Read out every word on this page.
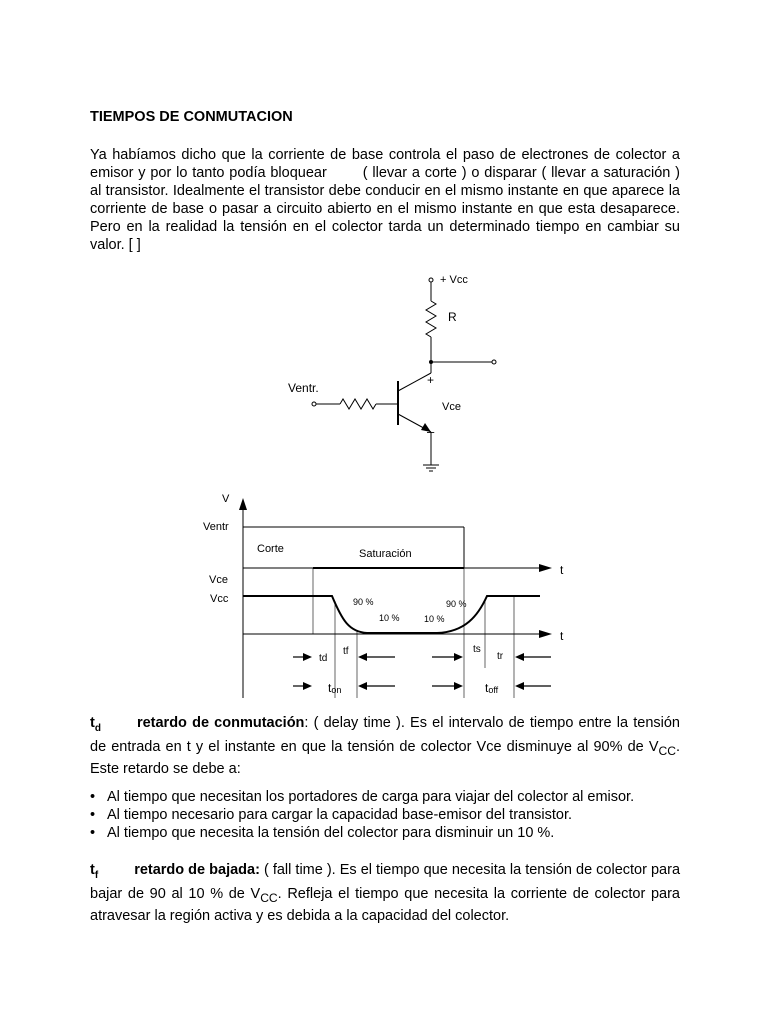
TIEMPOS DE CONMUTACION

Ya habíamos dicho que la corriente de base controla el paso de electrones de colector a emisor y por lo tanto podía bloquear ( llevar a corte ) o disparar ( llevar a saturación ) al transistor. Idealmente el transistor debe conducir en el mismo instante en que aparece la corriente de base o pasar a circuito abierto en el mismo instante en que esta desaparece. Pero en la realidad la tensión en el colector tarda un determinado tiempo en cambiar su valor. [ ]

+ Vcc
R
Ventr.
+
Vce
–
V
Ventr
Corte	Saturación
t
t
Vce
Vcc	90 %
10 %	10 %
90 %
td
tf	ts
tr
ton	toff

$t_d$ retardo de conmutación: ( delay time ). Es el intervalo de tiempo entre la tensión de entrada en t y el instante en que la tensión de colector Vce disminuye al 90% de $V_{CC}$. Este retardo se debe a:

• Al tiempo que necesitan los portadores de carga para viajar del colector al emisor.
• Al tiempo necesario para cargar la capacidad base-emisor del transistor.
• Al tiempo que necesita la tensión del colector para disminuir un 10 %.

$t_f$ retardo de bajada: ( fall time ). Es el tiempo que necesita la tensión de colector para bajar de 90 al 10 % de $V_{CC}$. Refleja el tiempo que necesita la corriente de colector para atravesar la región activa y es debida a la capacidad del colector.
